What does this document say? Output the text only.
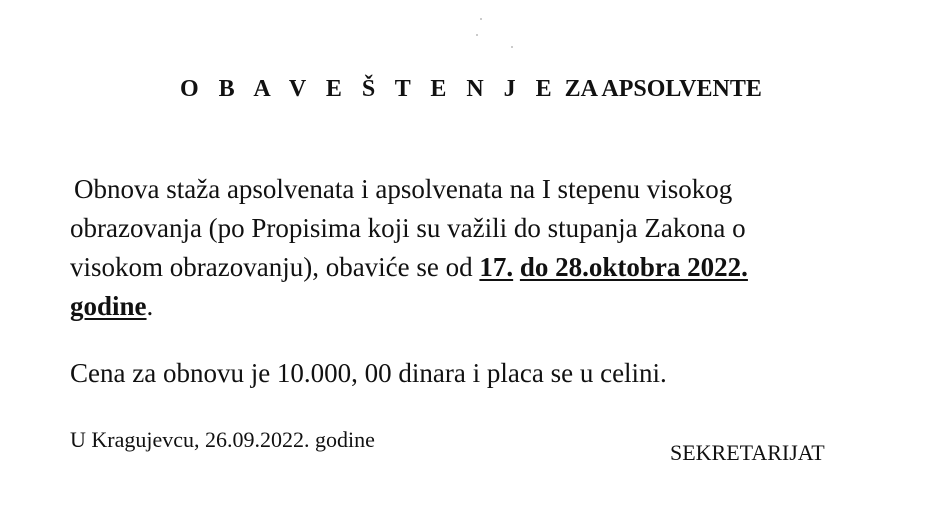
O B A V E Š T E N J E ZA APSOLVENTE
Obnova staža apsolvenata i apsolvenata na I stepenu visokog
obrazovanja (po Propisima koji su važili do stupanja Zakona o
visokom obrazovanju), obaviće se od 17. do 28.oktobra 2022.
godine.
Cena za obnovu je 10.000, 00 dinara i placa se u celini.
U Kragujevcu, 26.09.2022. godine
SEKRETARIJAT
